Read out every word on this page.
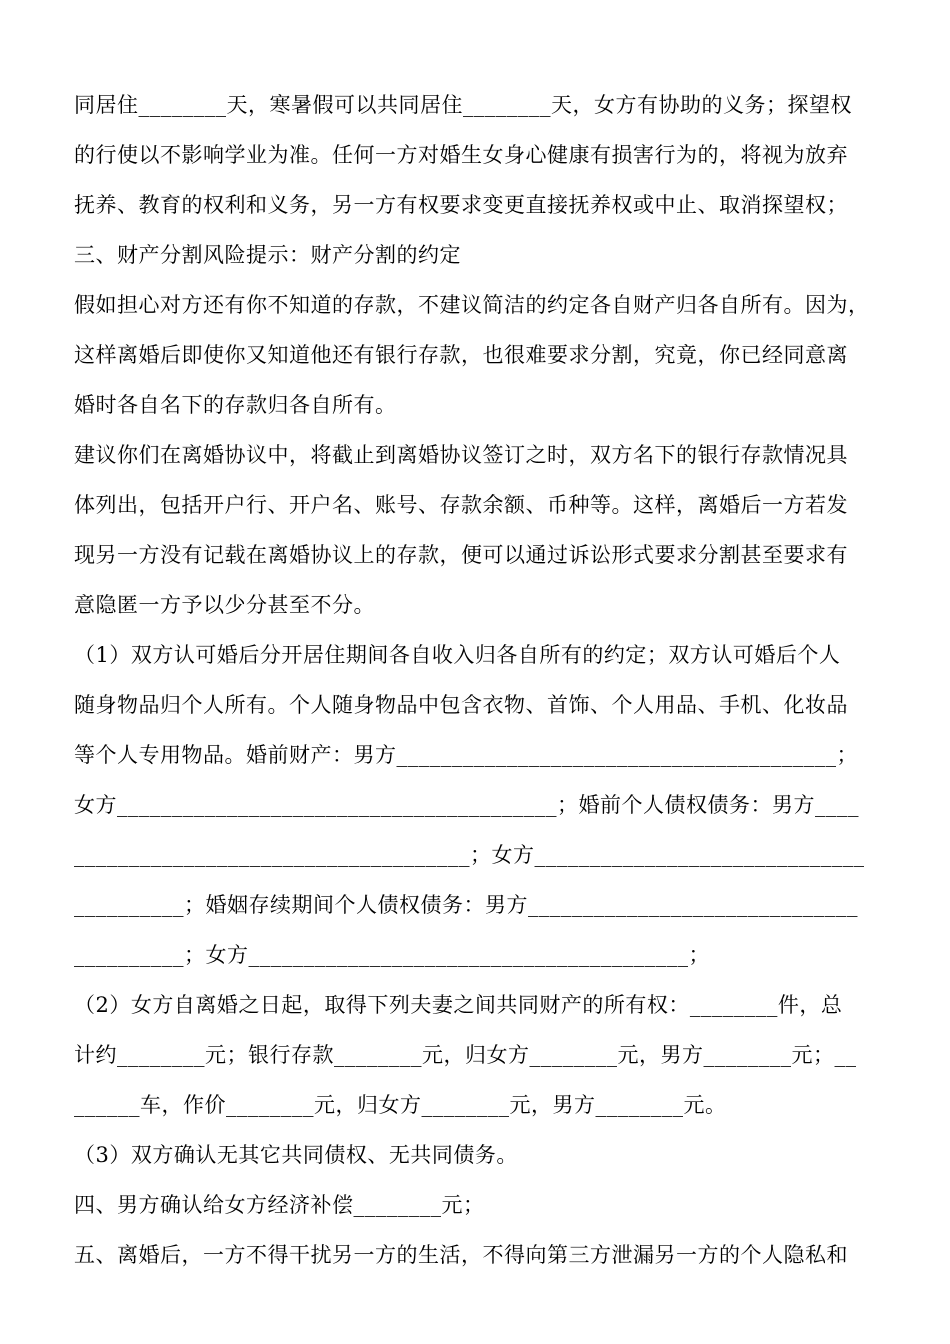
同居住________天，寒暑假可以共同居住________天，女方有协助的义务；探望权
的行使以不影响学业为准。任何一方对婚生女身心健康有损害行为的，将视为放弃
抚养、教育的权利和义务，另一方有权要求变更直接抚养权或中止、取消探望权；
三、财产分割风险提示：财产分割的约定
假如担心对方还有你不知道的存款，不建议简洁的约定各自财产归各自所有。因为，
这样离婚后即使你又知道他还有银行存款，也很难要求分割，究竟，你已经同意离
婚时各自名下的存款归各自所有。
建议你们在离婚协议中，将截止到离婚协议签订之时，双方名下的银行存款情况具
体列出，包括开户行、开户名、账号、存款余额、币种等。这样，离婚后一方若发
现另一方没有记载在离婚协议上的存款，便可以通过诉讼形式要求分割甚至要求有
意隐匿一方予以少分甚至不分。
（1）双方认可婚后分开居住期间各自收入归各自所有的约定；双方认可婚后个人
随身物品归个人所有。个人随身物品中包含衣物、首饰、个人用品、手机、化妆品
等个人专用物品。婚前财产：男方________________________________________；
女方________________________________________；婚前个人债权债务：男方____
____________________________________；女方______________________________
__________；婚姻存续期间个人债权债务：男方______________________________
__________；女方________________________________________；
（2）女方自离婚之日起，取得下列夫妻之间共同财产的所有权：________件，总
计约________元；银行存款________元，归女方________元，男方________元；__
______车，作价________元，归女方________元，男方________元。
（3）双方确认无其它共同债权、无共同债务。
四、男方确认给女方经济补偿________元；
五、离婚后，一方不得干扰另一方的生活，不得向第三方泄漏另一方的个人隐私和
